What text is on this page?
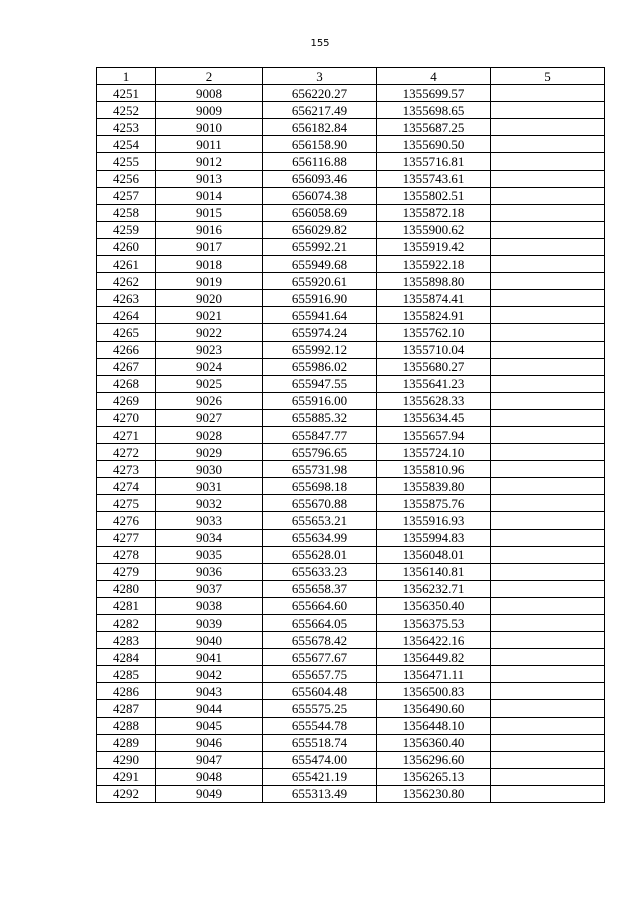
155
1	2	3	4	5
4251	9008	656220.27	1355699.57	
4252	9009	656217.49	1355698.65	
4253	9010	656182.84	1355687.25	
4254	9011	656158.90	1355690.50	
4255	9012	656116.88	1355716.81	
4256	9013	656093.46	1355743.61	
4257	9014	656074.38	1355802.51	
4258	9015	656058.69	1355872.18	
4259	9016	656029.82	1355900.62	
4260	9017	655992.21	1355919.42	
4261	9018	655949.68	1355922.18	
4262	9019	655920.61	1355898.80	
4263	9020	655916.90	1355874.41	
4264	9021	655941.64	1355824.91	
4265	9022	655974.24	1355762.10	
4266	9023	655992.12	1355710.04	
4267	9024	655986.02	1355680.27	
4268	9025	655947.55	1355641.23	
4269	9026	655916.00	1355628.33	
4270	9027	655885.32	1355634.45	
4271	9028	655847.77	1355657.94	
4272	9029	655796.65	1355724.10	
4273	9030	655731.98	1355810.96	
4274	9031	655698.18	1355839.80	
4275	9032	655670.88	1355875.76	
4276	9033	655653.21	1355916.93	
4277	9034	655634.99	1355994.83	
4278	9035	655628.01	1356048.01	
4279	9036	655633.23	1356140.81	
4280	9037	655658.37	1356232.71	
4281	9038	655664.60	1356350.40	
4282	9039	655664.05	1356375.53	
4283	9040	655678.42	1356422.16	
4284	9041	655677.67	1356449.82	
4285	9042	655657.75	1356471.11	
4286	9043	655604.48	1356500.83	
4287	9044	655575.25	1356490.60	
4288	9045	655544.78	1356448.10	
4289	9046	655518.74	1356360.40	
4290	9047	655474.00	1356296.60	
4291	9048	655421.19	1356265.13	
4292	9049	655313.49	1356230.80	
